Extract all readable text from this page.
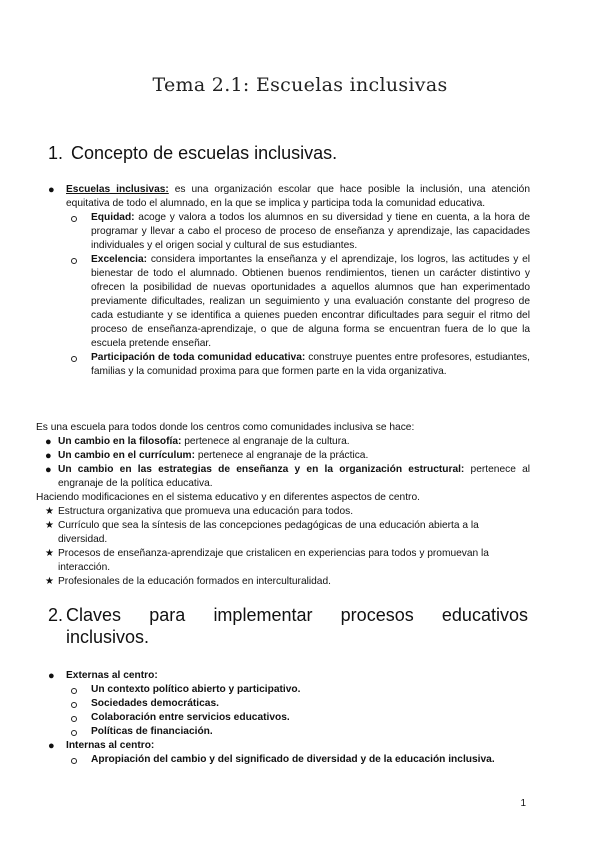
Tema 2.1: Escuelas inclusivas
1. Concepto de escuelas inclusivas.
● Escuelas inclusivas: es una organización escolar que hace posible la inclusión, una atención equitativa de todo el alumnado, en la que se implica y participa toda la comunidad educativa.
Equidad: acoge y valora a todos los alumnos en su diversidad y tiene en cuenta, a la hora de programar y llevar a cabo el proceso de proceso de enseñanza y aprendizaje, las capacidades individuales y el origen social y cultural de sus estudiantes.
Excelencia: considera importantes la enseñanza y el aprendizaje, los logros, las actitudes y el bienestar de todo el alumnado. Obtienen buenos rendimientos, tienen un carácter distintivo y ofrecen la posibilidad de nuevas oportunidades a aquellos alumnos que han experimentado previamente dificultades, realizan un seguimiento y una evaluación constante del progreso de cada estudiante y se identifica a quienes pueden encontrar dificultades para seguir el ritmo del proceso de enseñanza-aprendizaje, o que de alguna forma se encuentran fuera de lo que la escuela pretende enseñar.
Participación de toda comunidad educativa: construye puentes entre profesores, estudiantes, familias y la comunidad proxima para que formen parte en la vida organizativa.
Es una escuela para todos donde los centros como comunidades inclusiva se hace:
● Un cambio en la filosofía: pertenece al engranaje de la cultura.
● Un cambio en el currículum: pertenece al engranaje de la práctica.
● Un cambio en las estrategias de enseñanza y en la organización estructural: pertenece al engranaje de la política educativa.
Haciendo modificaciones en el sistema educativo y en diferentes aspectos de centro.
★ Estructura organizativa que promueva una educación para todos.
★ Currículo que sea la síntesis de las concepciones pedagógicas de una educación abierta a la diversidad.
★ Procesos de enseñanza-aprendizaje que cristalicen en experiencias para todos y promuevan la interacción.
★ Profesionales de la educación formados en interculturalidad.
2. Claves para implementar procesos educativos
inclusivos.
● Externas al centro:
Un contexto político abierto y participativo.
Sociedades democráticas.
Colaboración entre servicios educativos.
Políticas de financiación.
● Internas al centro:
Apropiación del cambio y del significado de diversidad y de la educación inclusiva.
1
